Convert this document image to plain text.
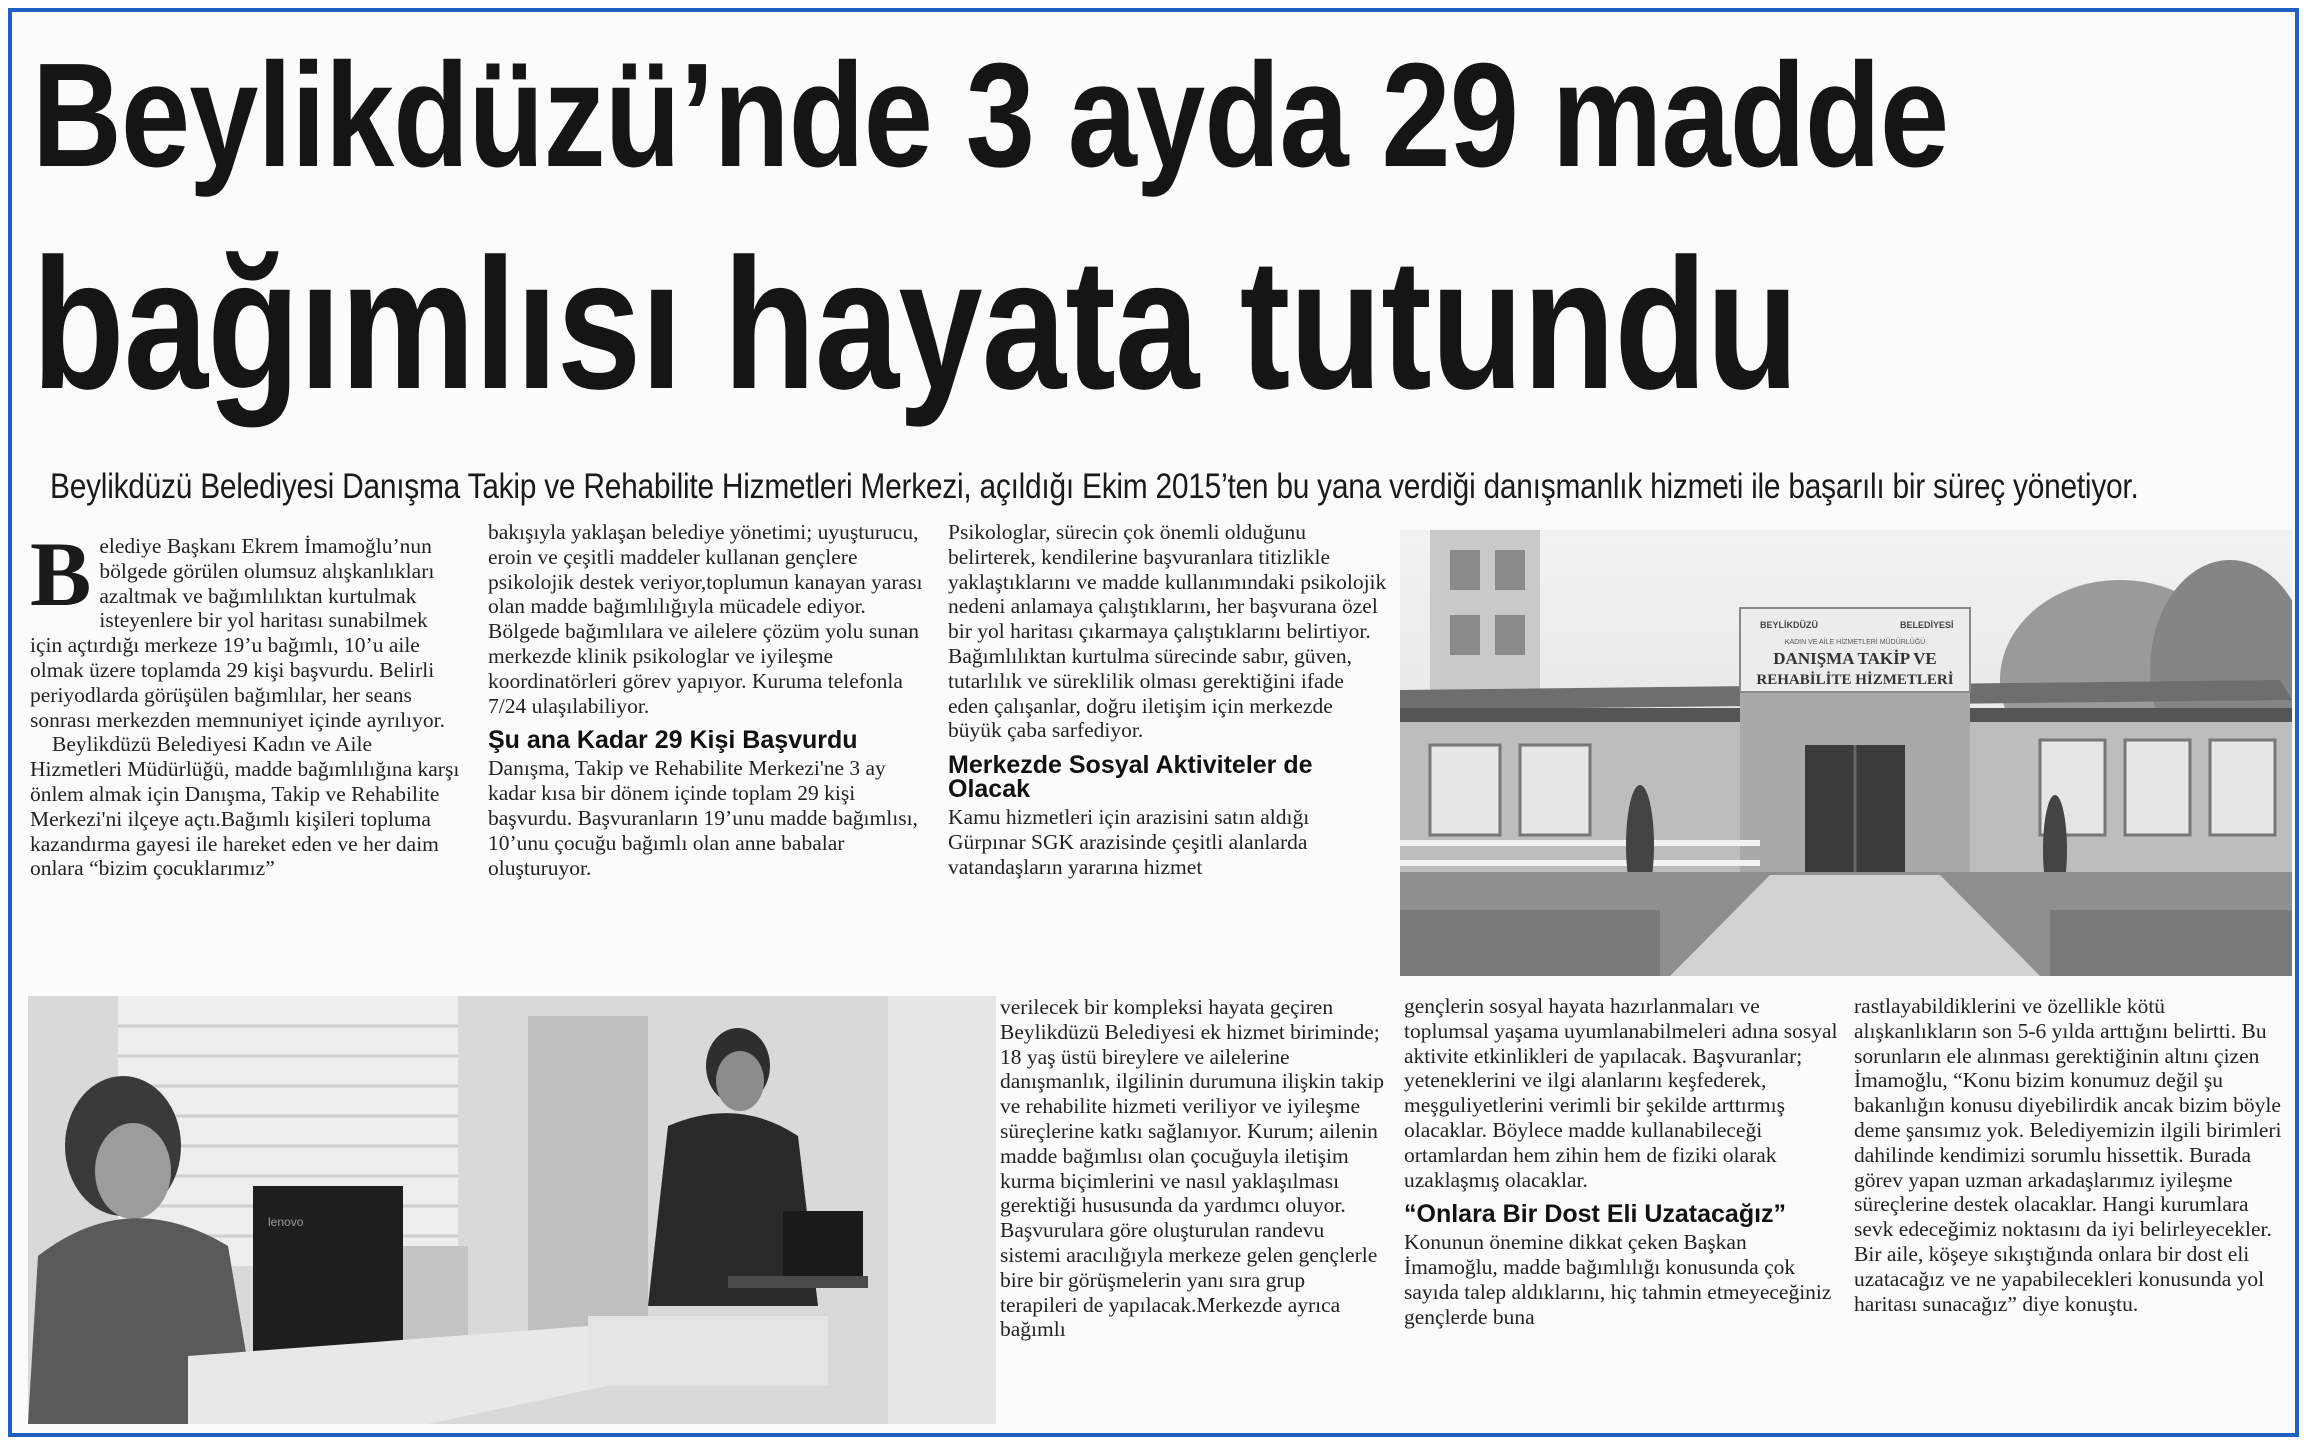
Beylikdüzü’nde 3 ayda 29 madde
bağımlısı hayata tutundu

Beylikdüzü Belediyesi Danışma Takip ve Rehabilite Hizmetleri Merkezi, açıldığı Ekim 2015’ten bu yana verdiği danışmanlık hizmeti ile başarılı bir süreç yönetiyor.

B elediye Başkanı Ekrem İmamoğlu’nun bölgede görülen olumsuz alışkanlıkları azaltmak ve bağımlılıktan kurtulmak isteyenlere bir yol haritası sunabilmek için açtırdığı merkeze 19’u bağımlı, 10’u aile olmak üzere toplamda 29 kişi başvurdu. Belirli periyodlarda görüşülen bağımlılar, her seans sonrası merkezden memnuniyet içinde ayrılıyor.

Beylikdüzü Belediyesi Kadın ve Aile Hizmetleri Müdürlüğü, madde bağımlılığına karşı önlem almak için Danışma, Takip ve Rehabilite Merkezi'ni ilçeye açtı.Bağımlı kişileri topluma kazandırma gayesi ile hareket eden ve her daim onlara “bizim çocuklarımız”

bakışıyla yaklaşan belediye yönetimi; uyuşturucu, eroin ve çeşitli maddeler kullanan gençlere psikolojik destek veriyor,toplumun kanayan yarası olan madde bağımlılığıyla mücadele ediyor. Bölgede bağımlılara ve ailelere çözüm yolu sunan merkezde klinik psikologlar ve iyileşme koordinatörleri görev yapıyor. Kuruma telefonla 7/24 ulaşılabiliyor.

Şu ana Kadar 29 Kişi Başvurdu

Danışma, Takip ve Rehabilite Merkezi'ne 3 ay kadar kısa bir dönem içinde toplam 29 kişi başvurdu. Başvuranların 19’unu madde bağımlısı, 10’unu çocuğu bağımlı olan anne babalar oluşturuyor.

Psikologlar, sürecin çok önemli olduğunu belirterek, kendilerine başvuranlara titizlikle yaklaştıklarını ve madde kullanımındaki psikolojik nedeni anlamaya çalıştıklarını, her başvurana özel bir yol haritası çıkarmaya çalıştıklarını belirtiyor. Bağımlılıktan kurtulma sürecinde sabır, güven, tutarlılık ve süreklilik olması gerektiğini ifade eden çalışanlar, doğru iletişim için merkezde büyük çaba sarfediyor.

Merkezde Sosyal Aktiviteler de Olacak

Kamu hizmetleri için arazisini satın aldığı Gürpınar SGK arazisinde çeşitli alanlarda vatandaşların yararına hizmet

verilecek bir kompleksi hayata geçiren Beylikdüzü Belediyesi ek hizmet biriminde; 18 yaş üstü bireylere ve ailelerine danışmanlık, ilgilinin durumuna ilişkin takip ve rehabilite hizmeti veriliyor ve iyileşme süreçlerine katkı sağlanıyor. Kurum; ailenin madde bağımlısı olan çocuğuyla iletişim kurma biçimlerini ve nasıl yaklaşılması gerektiği hususunda da yardımcı oluyor. Başvurulara göre oluşturulan randevu sistemi aracılığıyla merkeze gelen gençlerle bire bir görüşmelerin yanı sıra grup terapileri de yapılacak.Merkezde ayrıca bağımlı

gençlerin sosyal hayata hazırlanmaları ve toplumsal yaşama uyumlanabilmeleri adına sosyal aktivite etkinlikleri de yapılacak. Başvuranlar; yeteneklerini ve ilgi alanlarını keşfederek, meşguliyetlerini verimli bir şekilde arttırmış olacaklar. Böylece madde kullanabileceği ortamlardan hem zihin hem de fiziki olarak uzaklaşmış olacaklar.

“Onlara Bir Dost Eli Uzatacağız”

Konunun önemine dikkat çeken Başkan İmamoğlu, madde bağımlılığı konusunda çok sayıda talep aldıklarını, hiç tahmin etmeyeceğiniz gençlerde buna

rastlayabildiklerini ve özellikle kötü alışkanlıkların son 5-6 yılda arttığını belirtti. Bu sorunların ele alınması gerektiğinin altını çizen İmamoğlu, “Konu bizim konumuz değil şu bakanlığın konusu diyebilirdik ancak bizim böyle deme şansımız yok. Belediyemizin ilgili birimleri dahilinde kendimizi sorumlu hissettik. Burada görev yapan uzman arkadaşlarımız iyileşme süreçlerine destek olacaklar. Hangi kurumlara sevk edeceğimiz noktasını da iyi belirleyecekler. Bir aile, köşeye sıkıştığında onlara bir dost eli uzatacağız ve ne yapabilecekleri konusunda yol haritası sunacağız” diye konuştu.

BEYLİKDÜZÜ	BELEDİYESİ
KADIN VE AİLE HİZMETLERİ MÜDÜRLÜĞÜ
DANIŞMA TAKİP VE
REHABİLİTE HİZMETLERİ
lenovo
